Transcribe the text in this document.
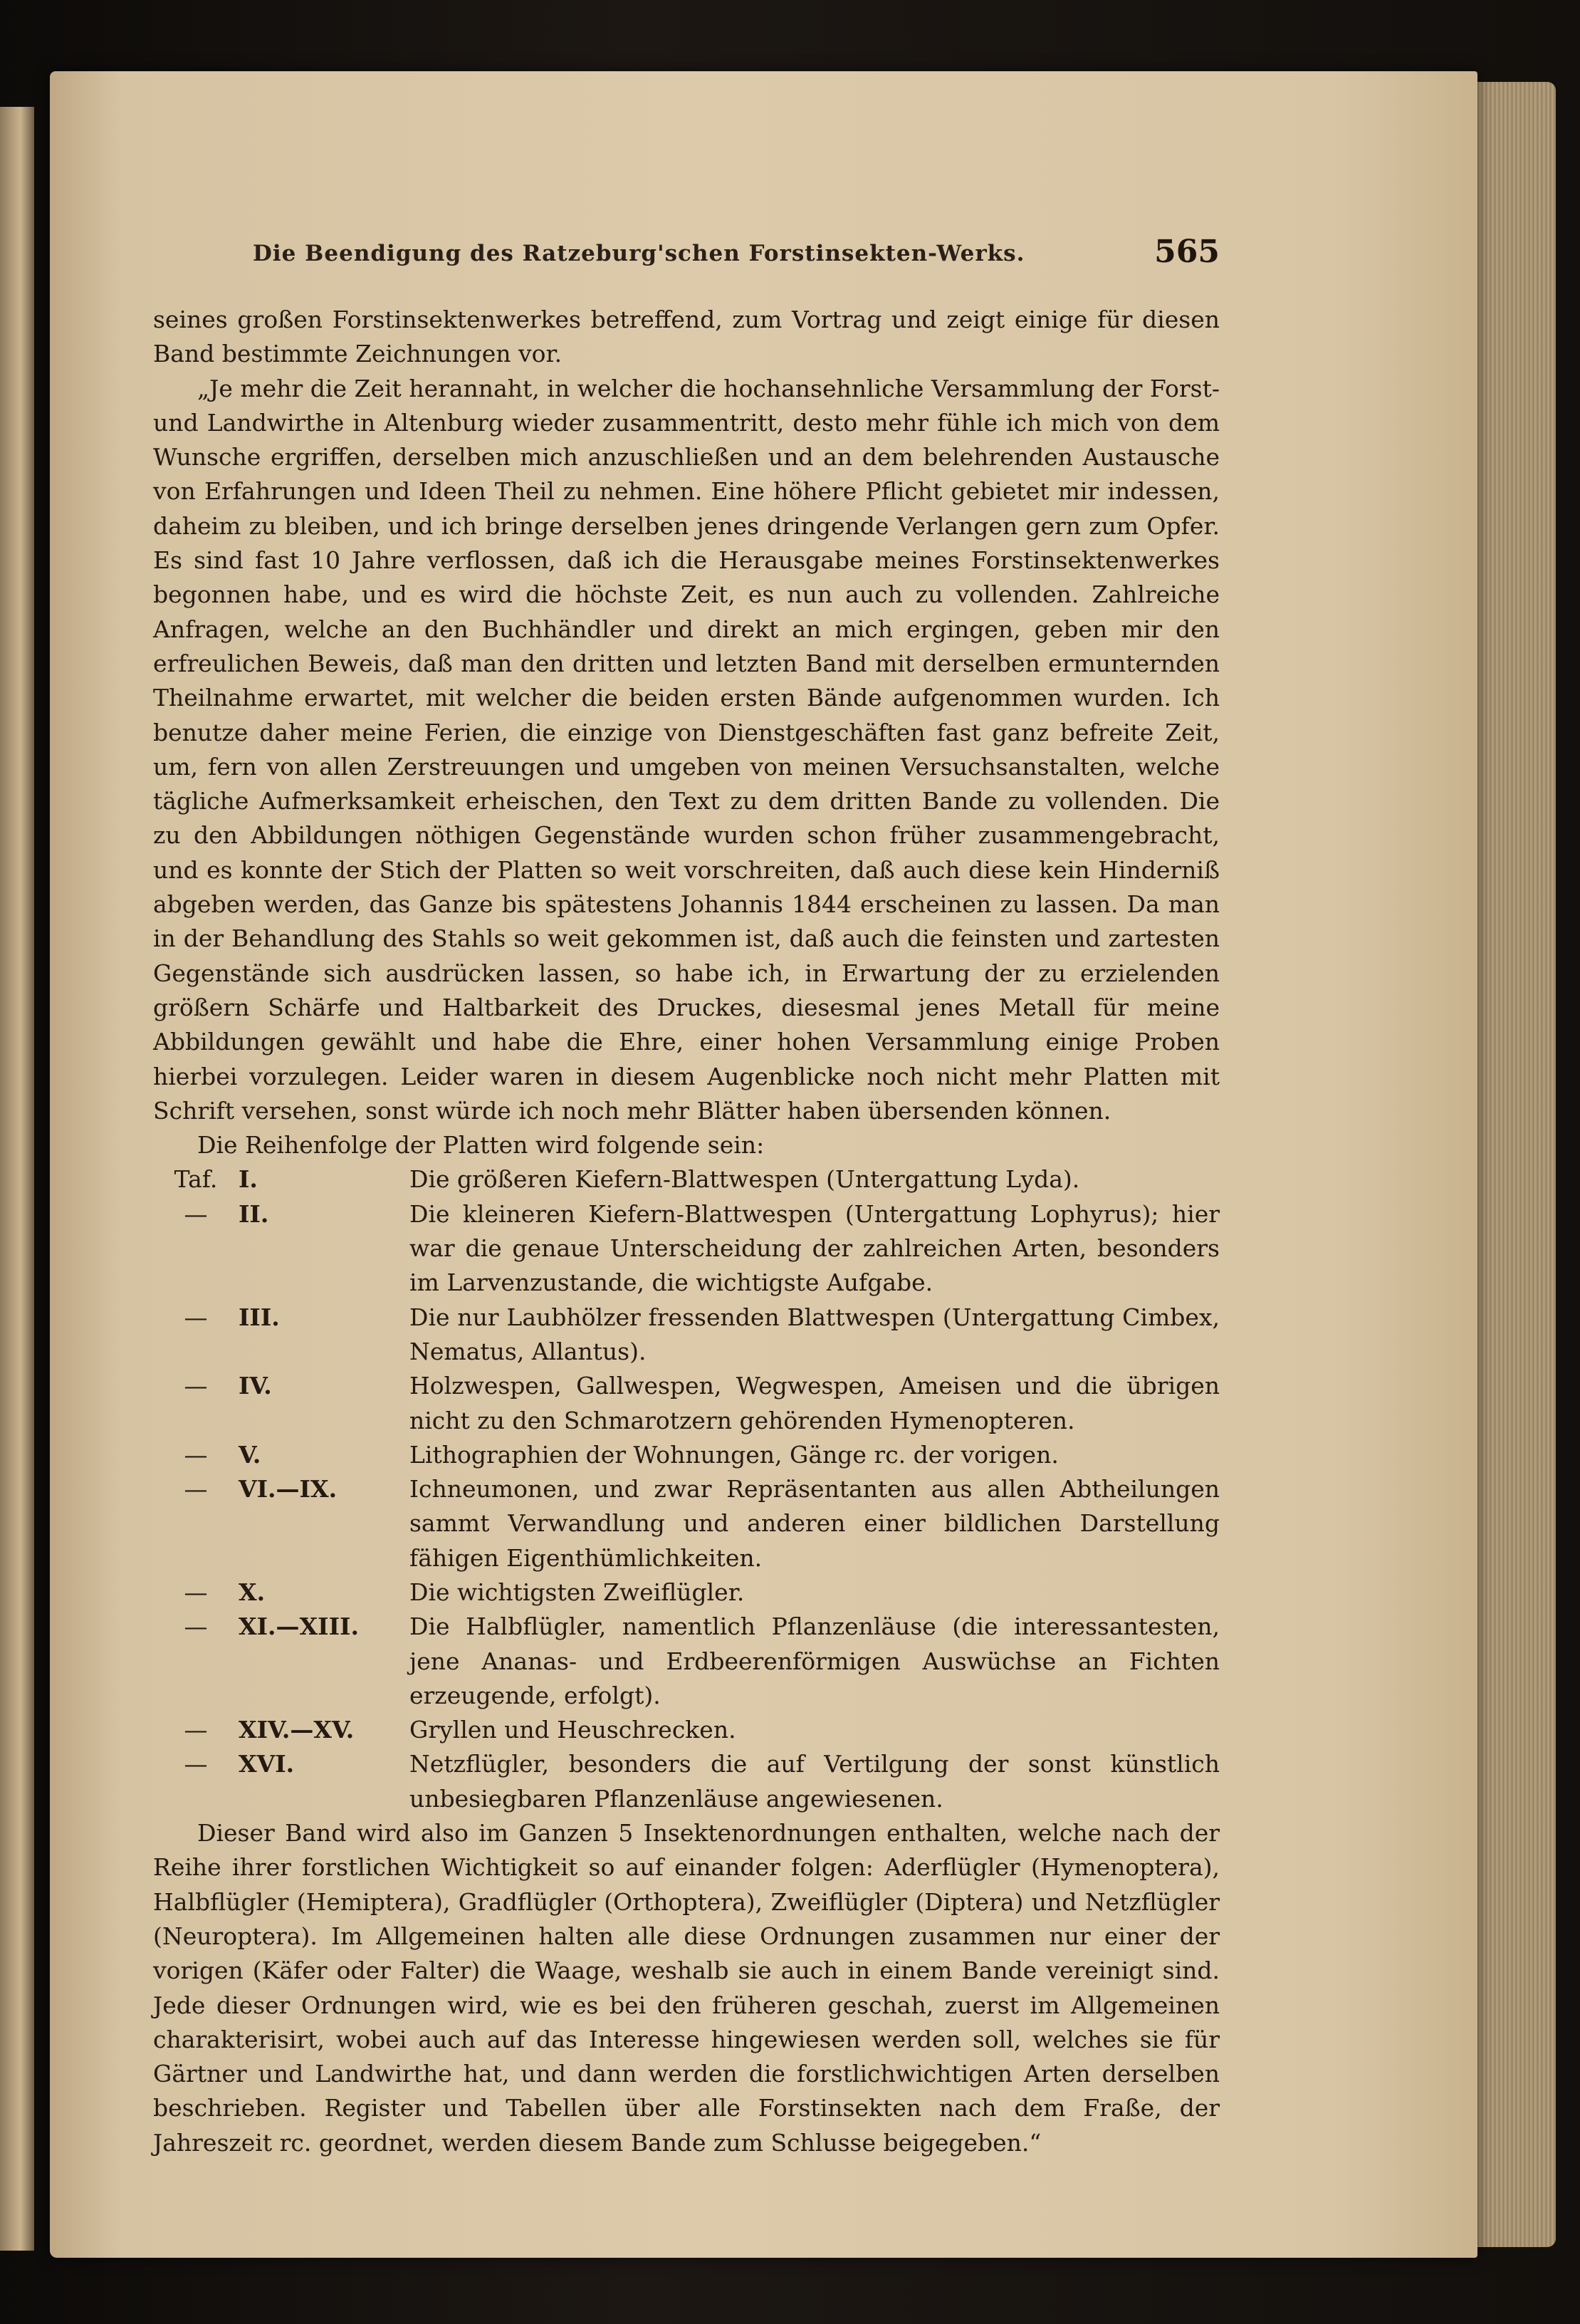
Die Beendigung des Ratzeburg'schen Forstinsekten-Werks.	565

seines großen Forstinsektenwerkes betreffend, zum Vortrag und zeigt einige für diesen Band bestimmte Zeichnungen vor.

„Je mehr die Zeit herannaht, in welcher die hochansehnliche Versammlung der Forst- und Landwirthe in Altenburg wieder zusammentritt, desto mehr fühle ich mich von dem Wunsche ergriffen, derselben mich anzuschließen und an dem belehrenden Austausche von Erfahrungen und Ideen Theil zu nehmen. Eine höhere Pflicht gebietet mir indessen, daheim zu bleiben, und ich bringe derselben jenes dringende Verlangen gern zum Opfer. Es sind fast 10 Jahre verflossen, daß ich die Herausgabe meines Forstinsektenwerkes begonnen habe, und es wird die höchste Zeit, es nun auch zu vollenden. Zahlreiche Anfragen, welche an den Buchhändler und direkt an mich ergingen, geben mir den erfreulichen Beweis, daß man den dritten und letzten Band mit derselben ermunternden Theilnahme erwartet, mit welcher die beiden ersten Bände aufgenommen wurden. Ich benutze daher meine Ferien, die einzige von Dienstgeschäften fast ganz befreite Zeit, um, fern von allen Zerstreuungen und umgeben von meinen Versuchsanstalten, welche tägliche Aufmerksamkeit erheischen, den Text zu dem dritten Bande zu vollenden. Die zu den Abbildungen nöthigen Gegenstände wurden schon früher zusammengebracht, und es konnte der Stich der Platten so weit vorschreiten, daß auch diese kein Hinderniß abgeben werden, das Ganze bis spätestens Johannis 1844 erscheinen zu lassen. Da man in der Behandlung des Stahls so weit gekommen ist, daß auch die feinsten und zartesten Gegenstände sich ausdrücken lassen, so habe ich, in Erwartung der zu erzielenden größern Schärfe und Haltbarkeit des Druckes, diesesmal jenes Metall für meine Abbildungen gewählt und habe die Ehre, einer hohen Versammlung einige Proben hierbei vorzulegen. Leider waren in diesem Augenblicke noch nicht mehr Platten mit Schrift versehen, sonst würde ich noch mehr Blätter haben übersenden können.

Die Reihenfolge der Platten wird folgende sein:

Taf. I.	Die größeren Kiefern-Blattwespen (Untergattung Lyda).
—	II.	Die kleineren Kiefern-Blattwespen (Untergattung Lophyrus); hier war die genaue Unterscheidung der zahlreichen Arten, besonders im Larvenzustande, die wichtigste Aufgabe.
—	III.	Die nur Laubhölzer fressenden Blattwespen (Untergattung Cimbex, Nematus, Allantus).
—	IV.	Holzwespen, Gallwespen, Wegwespen, Ameisen und die übrigen nicht zu den Schmarotzern gehörenden Hymenopteren.
—	V.	Lithographien der Wohnungen, Gänge rc. der vorigen.
—	VI.—IX.	Ichneumonen, und zwar Repräsentanten aus allen Abtheilungen sammt Verwandlung und anderen einer bildlichen Darstellung fähigen Eigenthümlichkeiten.
—	X.	Die wichtigsten Zweiflügler.
—	XI.—XIII.	Die Halbflügler, namentlich Pflanzenläuse (die interessantesten, jene Ananas- und Erdbeerenförmigen Auswüchse an Fichten erzeugende, erfolgt).
—	XIV.—XV.	Gryllen und Heuschrecken.
—	XVI.	Netzflügler, besonders die auf Vertilgung der sonst künstlich unbesiegbaren Pflanzenläuse angewiesenen.

Dieser Band wird also im Ganzen 5 Insektenordnungen enthalten, welche nach der Reihe ihrer forstlichen Wichtigkeit so auf einander folgen: Aderflügler (Hymenoptera), Halbflügler (Hemiptera), Gradflügler (Orthoptera), Zweiflügler (Diptera) und Netzflügler (Neuroptera). Im Allgemeinen halten alle diese Ordnungen zusammen nur einer der vorigen (Käfer oder Falter) die Waage, weshalb sie auch in einem Bande vereinigt sind. Jede dieser Ordnungen wird, wie es bei den früheren geschah, zuerst im Allgemeinen charakterisirt, wobei auch auf das Interesse hingewiesen werden soll, welches sie für Gärtner und Landwirthe hat, und dann werden die forstlichwichtigen Arten derselben beschrieben. Register und Tabellen über alle Forstinsekten nach dem Fraße, der Jahreszeit rc. geordnet, werden diesem Bande zum Schlusse beigegeben.“
